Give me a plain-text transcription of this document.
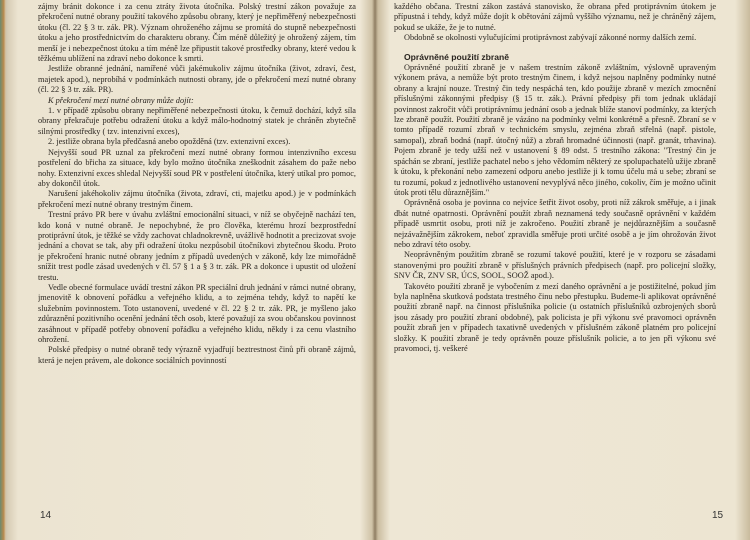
zájmy bránit dokonce i za cenu ztráty života útočníka. Polský trestní zákon považuje za překročení nutné obrany použití takového způsobu obrany, který je nepřiměřený nebezpečnosti útoku (čl. 22 § 3 tr. zák. PR). Význam ohroženého zájmu se promítá do stupně nebezpečnosti útoku a jeho prostřednictvím do charakteru obrany. Čím méně důležitý je ohrožený zájem, tím menší je i nebezpečnost útoku a tím méně lze připustit takové prostředky obrany, které vedou k těžkému ublížení na zdraví nebo dokonce k smrti.

Jestliže obranné jednání, namířené vůči jakémukoliv zájmu útočníka (život, zdraví, čest, majetek apod.), neprobíhá v podmínkách nutnosti obrany, jde o překročení mezí nutné obrany (čl. 22 § 3 tr. zák. PR).

K překročení mezí nutné obrany může dojít:

1. v případě způsobu obrany nepřiměřené nebezpečnosti útoku, k čemuž dochází, když síla obrany překračuje potřebu odražení útoku a když málo-hodnotný statek je chráněn zbytečně silnými prostředky ( tzv. intenzivní exces),

2. jestliže obrana byla předčasná anebo opožděná (tzv. extenzivní exces).

Nejvyšší soud PR uznal za překročení mezí nutné obrany formou intenzivního excesu postřelení do břicha za situace, kdy bylo možno útočníka zneškodnit zásahem do paže nebo nohy. Extenzivní exces shledal Nejvyšší soud PR v postřelení útočníka, který utíkal pro pomoc, aby dokončil útok.

Narušení jakéhokoliv zájmu útočníka (života, zdraví, cti, majetku apod.) je v podmínkách překročení mezí nutné obrany trestným činem.

Trestní právo PR bere v úvahu zvláštní emocionální situaci, v níž se obyčejně nachází ten, kdo koná v nutné obraně. Je nepochybné, že pro člověka, kterému hrozí bezprostřední protiprávní útok, je těžké se vždy zachovat chladnokrevně, uvážlivě hodnotit a precizovat svoje jednání a chovat se tak, aby při odražení útoku nezpůsobil útočníkovi zbytečnou škodu. Proto je překročení hranic nutné obrany jedním z případů uvedených v zákoně, kdy lze mimořádně snížit trest podle zásad uvedených v čl. 57 § 1 a § 3 tr. zák. PR a dokonce i upustit od uložení trestu.

Vedle obecné formulace uvádí trestní zákon PR speciální druh jednání v rámci nutné obrany, jmenovitě k obnovení pořádku a veřejného klidu, a to zejména tehdy, když to napětí ke služebním povinnostem. Toto ustanovení, uvedené v čl. 22 § 2 tr. zák. PR, je myšleno jako zdůraznění pozitivního ocenění jednání těch osob, které považují za svou občanskou povinnost zasáhnout v případě potřeby obnovení pořádku a veřejného klidu, někdy i za cenu vlastního ohrožení.

Polské předpisy o nutné obraně tedy výrazně vyjadřují beztrestnost činů při obraně zájmů, která je nejen právem, ale dokonce sociálních povinností

14

každého občana. Trestní zákon zastává stanovisko, že obrana před protiprávním útokem je přípustná i tehdy, když může dojít k obětování zájmů vyššího významu, než je chráněný zájem, pokud se ukáže, že je to nutné.

Obdobně se okolnosti vylučujícími protiprávnost zabývají zákonné normy dalších zemí.

Oprávněné použití zbraně

Oprávněné použití zbraně je v našem trestním zákoně zvláštním, výslovně upraveným výkonem práva, a nemůže být proto trestným činem, i když nejsou naplněny podmínky nutné obrany a krajní nouze. Trestný čin tedy nespáchá ten, kdo použije zbraně v mezích zmocnění příslušnými zákonnými předpisy (§ 15 tr. zák.). Právní předpisy při tom jednak ukládají povinnost zakročit vůči protiprávnímu jednání osob a jednak blíže stanoví podmínky, za kterých lze zbraně použít. Použití zbraně je vázáno na podmínky velmi konkrétně a přesně. Zbraní se v tomto případě rozumí zbraň v technickém smyslu, zejména zbraň střelná (např. pistole, samopal), zbraň bodná (např. útočný nůž) a zbraň hromadné účinnosti (např. granát, trhavina). Pojem zbraně je tedy užší než v ustanovení § 89 odst. 5 trestního zákona: "Trestný čin je spáchán se zbraní, jestliže pachatel nebo s jeho vědomím některý ze spolupachatelů užije zbraně k útoku, k překonání nebo zamezení odporu anebo jestliže ji k tomu účelu má u sebe; zbraní se tu rozumí, pokud z jednotlivého ustanovení nevyplývá něco jiného, cokoliv, čím je možno učinit útok proti tělu důraznějším."

Oprávněná osoba je povinna co nejvíce šetřit život osoby, proti níž zákrok směřuje, a i jinak dbát nutné opatrnosti. Oprávnění použít zbraň neznamená tedy současně oprávnění v každém případě usmrtit osobu, proti níž je zakročeno. Použití zbraně je nejdůraznějším a současně nejzávažnějším zákrokem, neboť zpravidla směřuje proti určité osobě a je jím ohrožován život nebo zdraví této osoby.

Neoprávněným použitím zbraně se rozumí takové použití, které je v rozporu se zásadami stanovenými pro použití zbraně v příslušných právních předpisech (např. pro policejní složky, SNV ČR, ZNV SR, ÚCS, SOOL, SOOŽ apod.).

Takovéto použití zbraně je vybočením z mezí daného oprávnění a je postižitelné, pokud jím byla naplněna skutková podstata trestného činu nebo přestupku. Budeme-li aplikovat oprávněné použití zbraně např. na činnost příslušníka policie (u ostatních příslušníků ozbrojených sborů jsou zásady pro použití zbraní obdobné), pak policista je při výkonu své pravomoci oprávněn použít zbraň jen v případech taxativně uvedených v příslušném zákoně platném pro policejní složky. K použití zbraně je tedy oprávněn pouze příslušník policie, a to jen při výkonu své pravomoci, tj. veškeré

15
